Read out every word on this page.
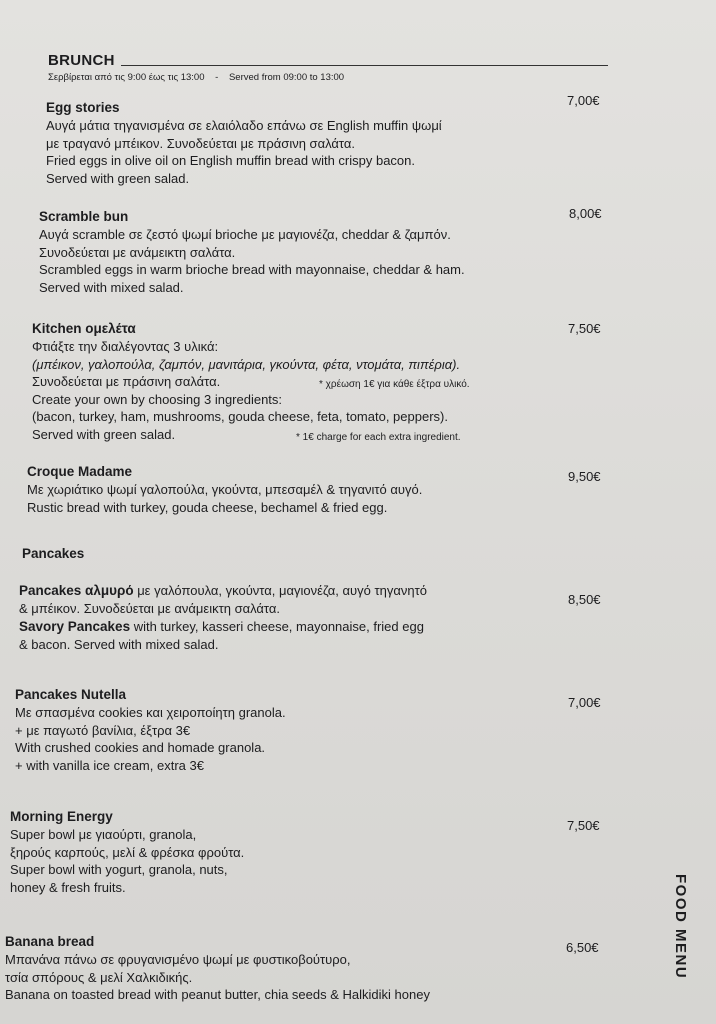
BRUNCH
Σερβίρεται από τις 9:00 έως τις 13:00 - Served from 09:00 to 13:00
Egg stories
Αυγά μάτια τηγανισμένα σε ελαιόλαδο επάνω σε English muffin ψωμί
με τραγανό μπέικον. Συνοδεύεται με πράσινη σαλάτα.
Fried eggs in olive oil on English muffin bread with crispy bacon.
Served with green salad.
7,00€
Scramble bun
Αυγά scramble σε ζεστό ψωμί brioche με μαγιονέζα, cheddar & ζαμπόν.
Συνοδεύεται με ανάμεικτη σαλάτα.
Scrambled eggs in warm brioche bread with mayonnaise, cheddar & ham.
Served with mixed salad.
8,00€
Kitchen ομελέτα
Φτιάξτε την διαλέγοντας 3 υλικά:
(μπέικον, γαλοπούλα, ζαμπόν, μανιτάρια, γκούντα, φέτα, ντομάτα, πιπέρια).
Συνοδεύεται με πράσινη σαλάτα.	* χρέωση 1€ για κάθε έξτρα υλικό.
Create your own by choosing 3 ingredients:
(bacon, turkey, ham, mushrooms, gouda cheese, feta, tomato, peppers).
Served with green salad.	* 1€ charge for each extra ingredient.
7,50€
Croque Madame
Με χωριάτικο ψωμί γαλοπούλα, γκούντα, μπεσαμέλ & τηγανιτό αυγό.
Rustic bread with turkey, gouda cheese, bechamel & fried egg.
9,50€
Pancakes
Pancakes αλμυρό με γαλόπουλα, γκούντα, μαγιονέζα, αυγό τηγανητό
& μπέικον. Συνοδεύεται με ανάμεικτη σαλάτα.
Savory Pancakes with turkey, kasseri cheese, mayonnaise, fried egg
& bacon. Served with mixed salad.
8,50€
Pancakes Nutella
Με σπασμένα cookies και χειροποίητη granola.
+ με παγωτό βανίλια, έξτρα 3€
With crushed cookies and homade granola.
+ with vanilla ice cream, extra 3€
7,00€
Morning Energy
Super bowl με γιαούρτι, granola,
ξηρούς καρπούς, μελί & φρέσκα φρούτα.
Super bowl with yogurt, granola, nuts,
honey & fresh fruits.
7,50€
Banana bread
Μπανάνα πάνω σε φρυγανισμένο ψωμί με φυστικοβούτυρο,
τσία σπόρους & μελί Χαλκιδικής.
Banana on toasted bread with peanut butter, chia seeds & Halkidiki honey
6,50€	FOOD MENU
